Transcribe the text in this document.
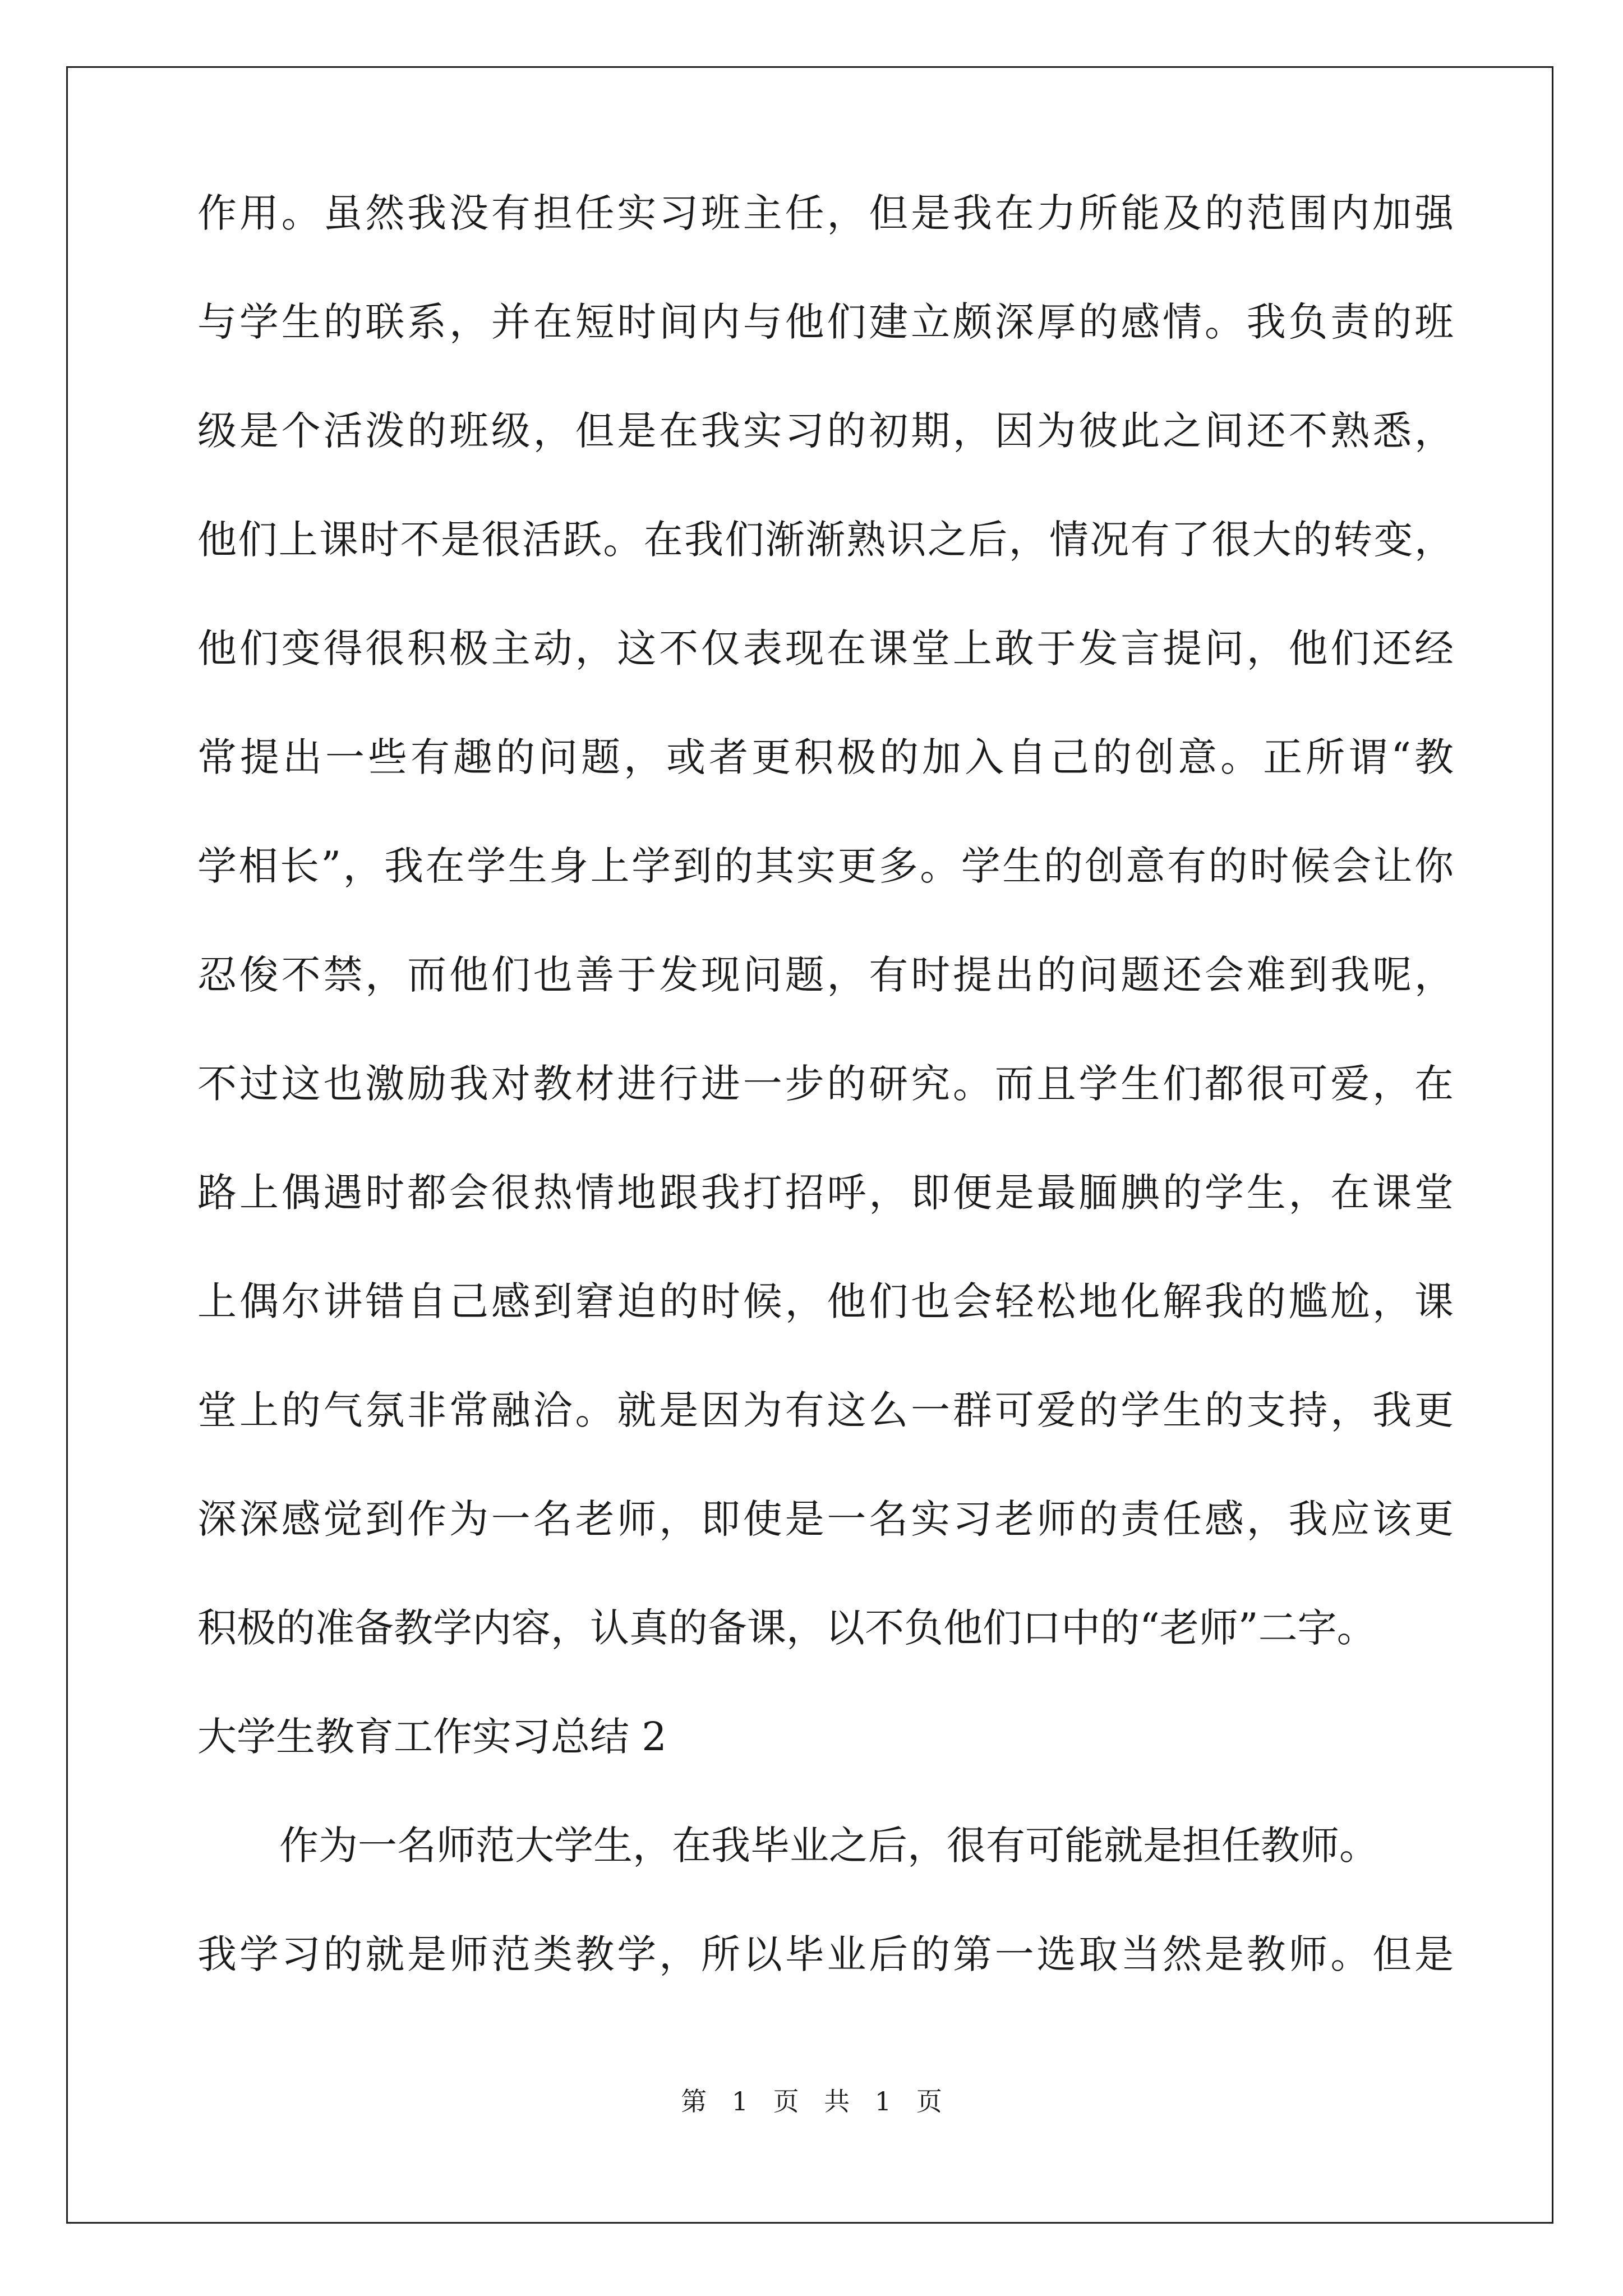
作用。虽然我没有担任实习班主任，但是我在力所能及的范围内加强
与学生的联系，并在短时间内与他们建立颇深厚的感情。我负责的班
级是个活泼的班级，但是在我实习的初期，因为彼此之间还不熟悉，
他们上课时不是很活跃。在我们渐渐熟识之后，情况有了很大的转变，
他们变得很积极主动，这不仅表现在课堂上敢于发言提问，他们还经
常提出一些有趣的问题，或者更积极的加入自己的创意。正所谓“教
学相长”，我在学生身上学到的其实更多。学生的创意有的时候会让你
忍俊不禁，而他们也善于发现问题，有时提出的问题还会难到我呢，
不过这也激励我对教材进行进一步的研究。而且学生们都很可爱，在
路上偶遇时都会很热情地跟我打招呼，即便是最腼腆的学生，在课堂
上偶尔讲错自己感到窘迫的时候，他们也会轻松地化解我的尴尬，课
堂上的气氛非常融洽。就是因为有这么一群可爱的学生的支持，我更
深深感觉到作为一名老师，即使是一名实习老师的责任感，我应该更
积极的准备教学内容，认真的备课，以不负他们口中的“老师”二字。
大学生教育工作实习总结 2
作为一名师范大学生，在我毕业之后，很有可能就是担任教师。
我学习的就是师范类教学，所以毕业后的第一选取当然是教师。但是
第 1 页 共 1 页
